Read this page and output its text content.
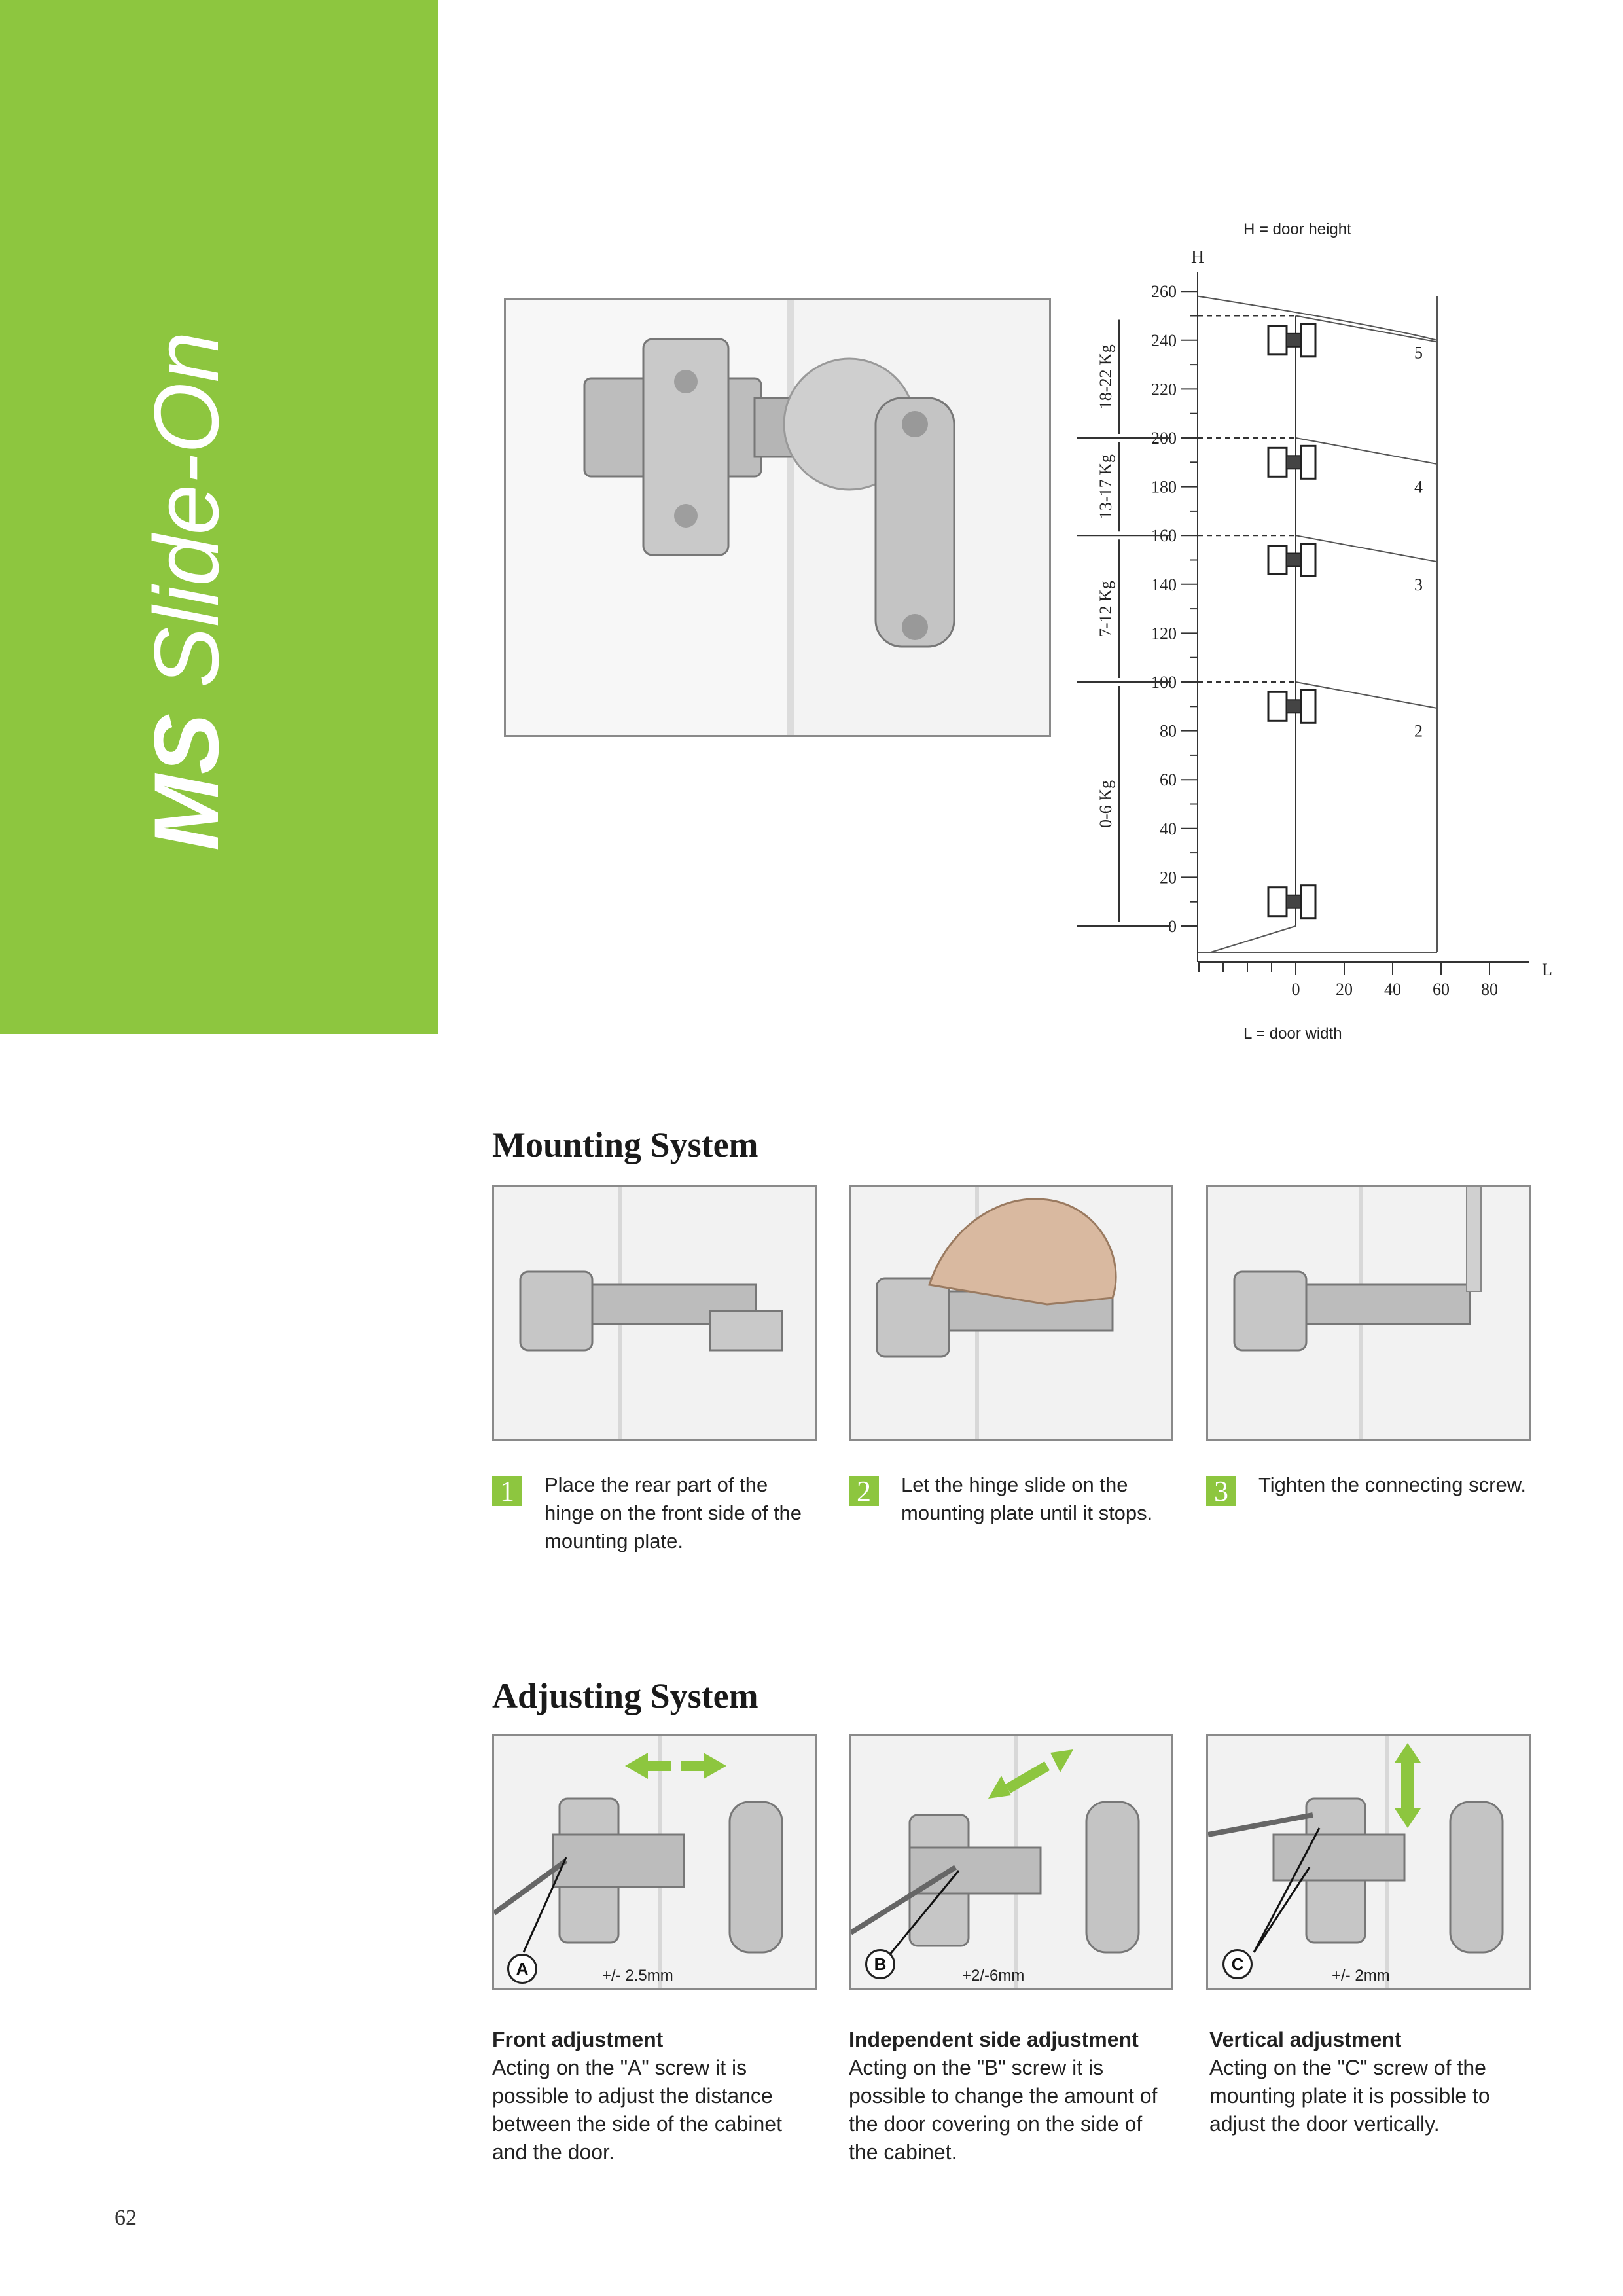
MS Slide-On
H = door height
H
L = door width
L
0
20
40
60
80
100
120
140
160
180
200
220
240
260
0 20 40 60 80
0-6 Kg
7-12 Kg
13-17 Kg
18-22 Kg
2
3
4
5
Mounting System
1	Place the rear part of the hinge on the front side of the mounting plate.
2	Let the hinge slide on the mounting plate until it stops.
3	Tighten the connecting screw.
Adjusting System
A	+/- 2.5mm
B
+2/-6mm
C
+/- 2mm
Front adjustment
Acting on the "A" screw it is possible to adjust the distance between the side of the cabinet and the door.
Independent side adjustment
Acting on the "B" screw it is possible to change the amount of the door covering on the side of the cabinet.
Vertical adjustment
Acting on the "C" screw of the mounting plate it is possible to adjust the door vertically.
62
